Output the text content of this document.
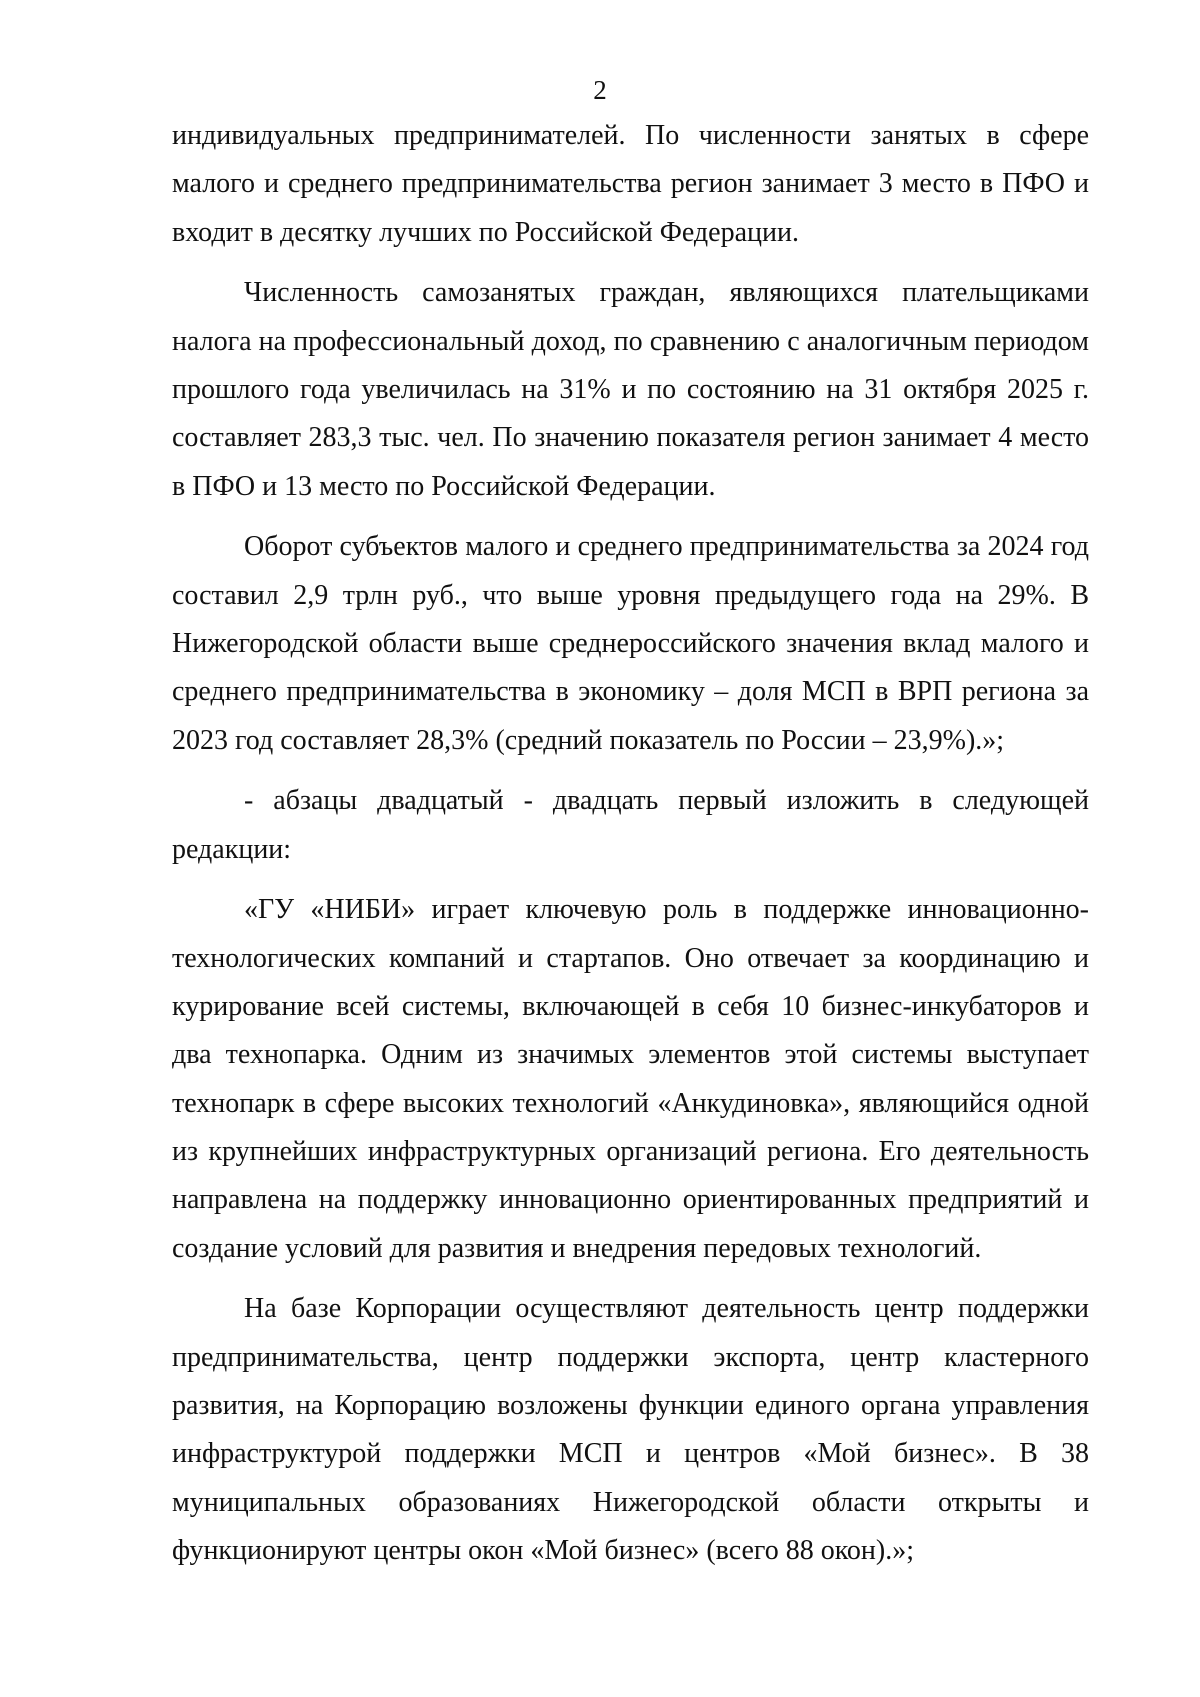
2

индивидуальных предпринимателей. По численности занятых в сфере малого и среднего предпринимательства регион занимает 3 место в ПФО и входит в десятку лучших по Российской Федерации.

Численность самозанятых граждан, являющихся плательщиками налога на профессиональный доход, по сравнению с аналогичным периодом прошлого года увеличилась на 31% и по состоянию на 31 октября 2025 г. составляет 283,3 тыс. чел. По значению показателя регион занимает 4 место в ПФО и 13 место по Российской Федерации.

Оборот субъектов малого и среднего предпринимательства за 2024 год составил 2,9 трлн руб., что выше уровня предыдущего года на 29%. В Нижегородской области выше среднероссийского значения вклад малого и среднего предпринимательства в экономику – доля МСП в ВРП региона за 2023 год составляет 28,3% (средний показатель по России – 23,9%).»;

- абзацы двадцатый - двадцать первый изложить в следующей редакции:

«ГУ «НИБИ» играет ключевую роль в поддержке инновационно-технологических компаний и стартапов. Оно отвечает за координацию и курирование всей системы, включающей в себя 10 бизнес-инкубаторов и два технопарка. Одним из значимых элементов этой системы выступает технопарк в сфере высоких технологий «Анкудиновка», являющийся одной из крупнейших инфраструктурных организаций региона. Его деятельность направлена на поддержку инновационно ориентированных предприятий и создание условий для развития и внедрения передовых технологий.

На базе Корпорации осуществляют деятельность центр поддержки предпринимательства, центр поддержки экспорта, центр кластерного развития, на Корпорацию возложены функции единого органа управления инфраструктурой поддержки МСП и центров «Мой бизнес». В 38 муниципальных образованиях Нижегородской области открыты и функционируют центры окон «Мой бизнес» (всего 88 окон).»;
